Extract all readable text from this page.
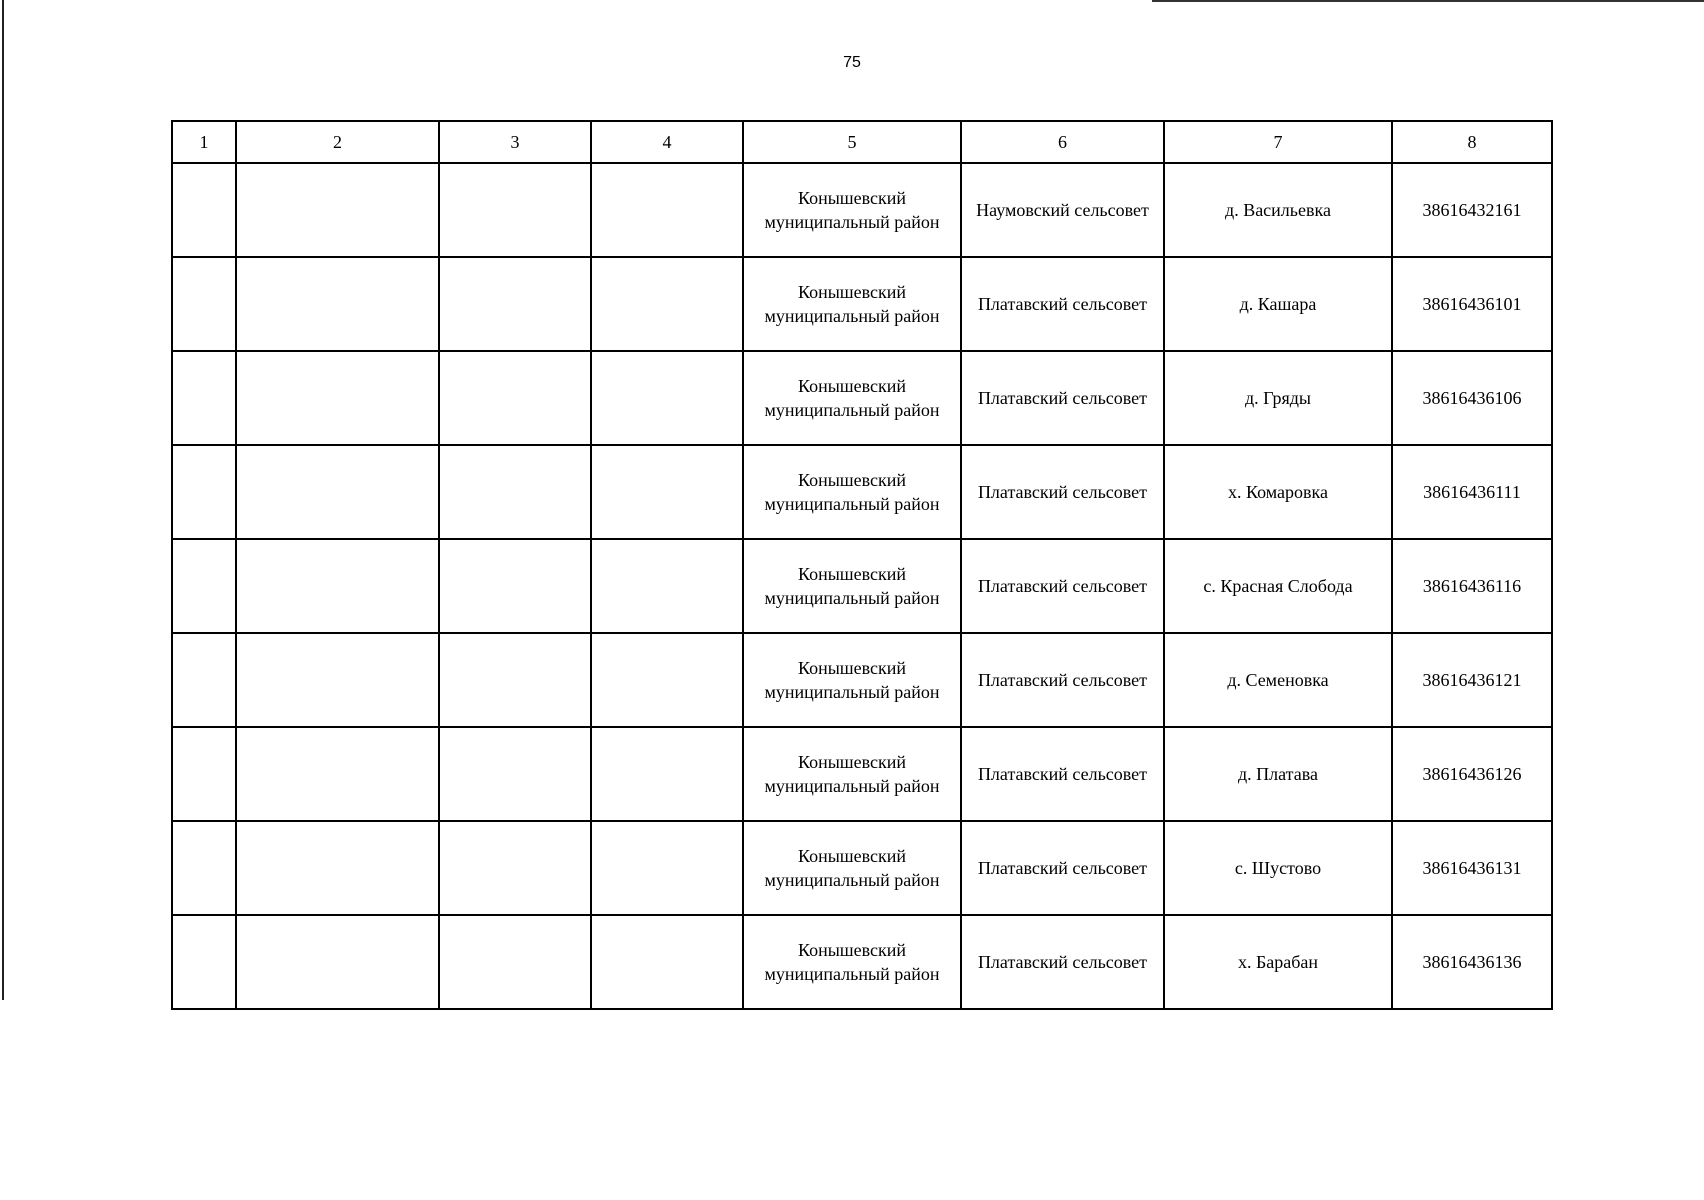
75
1	2	3	4	5	6	7	8
				Конышевский муниципальный район	Наумовский сельсовет	д. Васильевка	38616432161
				Конышевский муниципальный район	Платавский сельсовет	д. Кашара	38616436101
				Конышевский муниципальный район	Платавский сельсовет	д. Гряды	38616436106
				Конышевский муниципальный район	Платавский сельсовет	х. Комаровка	38616436111
				Конышевский муниципальный район	Платавский сельсовет	с. Красная Слобода	38616436116
				Конышевский муниципальный район	Платавский сельсовет	д. Семеновка	38616436121
				Конышевский муниципальный район	Платавский сельсовет	д. Платава	38616436126
				Конышевский муниципальный район	Платавский сельсовет	с. Шустово	38616436131
				Конышевский муниципальный район	Платавский сельсовет	х. Барабан	38616436136
